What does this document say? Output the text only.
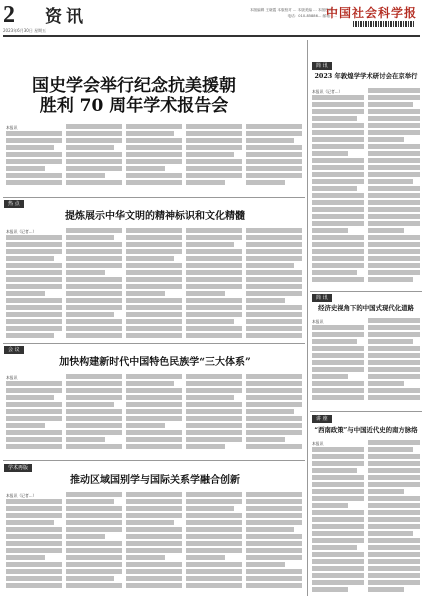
2 资讯
2023年6月30日 星期五
本版编辑 王晓霞 本版校对 … 本版美编 … 本版校对 …
电话：010-85886… 邮箱：…
中国社会科学报
国史学会举行纪念抗美援朝
胜利 70 周年学术报告会
本报讯
简 讯
2023 年敦煌学学术研讨会在京举行
本报讯（记者…）
热 点
提炼展示中华文明的精神标识和文化精髓
本报讯（记者…）
简 讯
经济史视角下的中国式现代化道路
本报讯
会 议
加快构建新时代中国特色民族学“三大体系”
本报讯
讲 座
“西南政策”与中国近代史的南方脉络
本报讯
学术再版
推动区域国别学与国际关系学融合创新
本报讯（记者…）
